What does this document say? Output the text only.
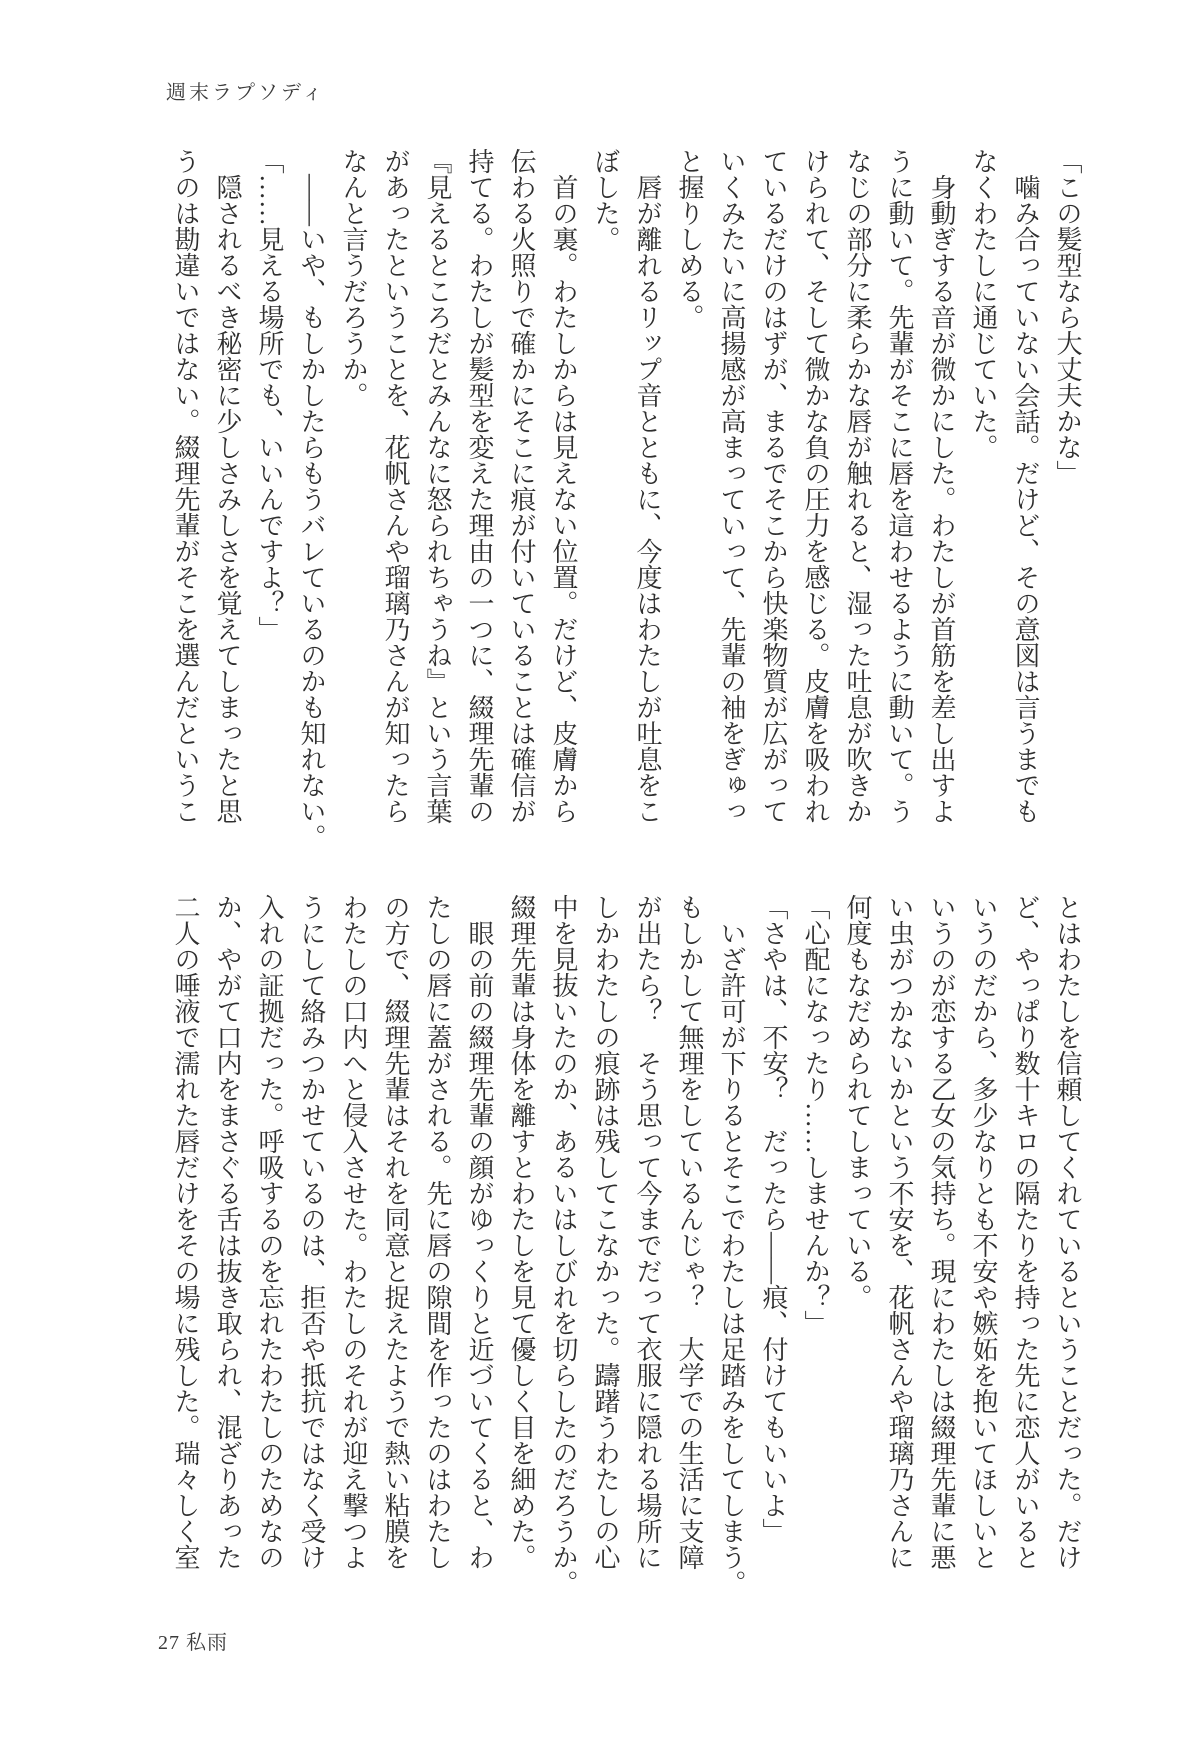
週末ラプソディ
「この髪型なら大丈夫かな」
　噛み合っていない会話。だけど、その意図は言うまでも
なくわたしに通じていた。
　身動ぎする音が微かにした。わたしが首筋を差し出すよ
うに動いて。先輩がそこに唇を這わせるように動いて。う
なじの部分に柔らかな唇が触れると、湿った吐息が吹きか
けられて、そして微かな負の圧力を感じる。皮膚を吸われ
ているだけのはずが、まるでそこから快楽物質が広がって
いくみたいに高揚感が高まっていって、先輩の袖をぎゅっ
と握りしめる。
　唇が離れるリップ音とともに、今度はわたしが吐息をこ
ぼした。
　首の裏。わたしからは見えない位置。だけど、皮膚から
伝わる火照りで確かにそこに痕が付いていることは確信が
持てる。わたしが髪型を変えた理由の一つに、綴理先輩の
『見えるところだとみんなに怒られちゃうね』という言葉
があったということを、花帆さんや瑠璃乃さんが知ったら
なんと言うだろうか。
　――いや、もしかしたらもうバレているのかも知れない。
「……見える場所でも、いいんですよ？」
　隠されるべき秘密に少しさみしさを覚えてしまったと思
うのは勘違いではない。綴理先輩がそこを選んだというこ
とはわたしを信頼してくれているということだった。だけ
ど、やっぱり数十キロの隔たりを持った先に恋人がいると
いうのだから、多少なりとも不安や嫉妬を抱いてほしいと
いうのが恋する乙女の気持ち。現にわたしは綴理先輩に悪
い虫がつかないかという不安を、花帆さんや瑠璃乃さんに
何度もなだめられてしまっている。
「心配になったり……しませんか？」
「さやは、不安？　だったら――痕、付けてもいいよ」
　いざ許可が下りるとそこでわたしは足踏みをしてしまう。
もしかして無理をしているんじゃ？　大学での生活に支障
が出たら？　そう思って今までだって衣服に隠れる場所に
しかわたしの痕跡は残してこなかった。躊躇うわたしの心
中を見抜いたのか、あるいはしびれを切らしたのだろうか。
綴理先輩は身体を離すとわたしを見て優しく目を細めた。
　眼の前の綴理先輩の顔がゆっくりと近づいてくると、わ
たしの唇に蓋がされる。先に唇の隙間を作ったのはわたし
の方で、綴理先輩はそれを同意と捉えたようで熱い粘膜を
わたしの口内へと侵入させた。わたしのそれが迎え撃つよ
うにして絡みつかせているのは、拒否や抵抗ではなく受け
入れの証拠だった。呼吸するのを忘れたわたしのためなの
か、やがて口内をまさぐる舌は抜き取られ、混ざりあった
二人の唾液で濡れた唇だけをその場に残した。瑞々しく室
27 私雨
